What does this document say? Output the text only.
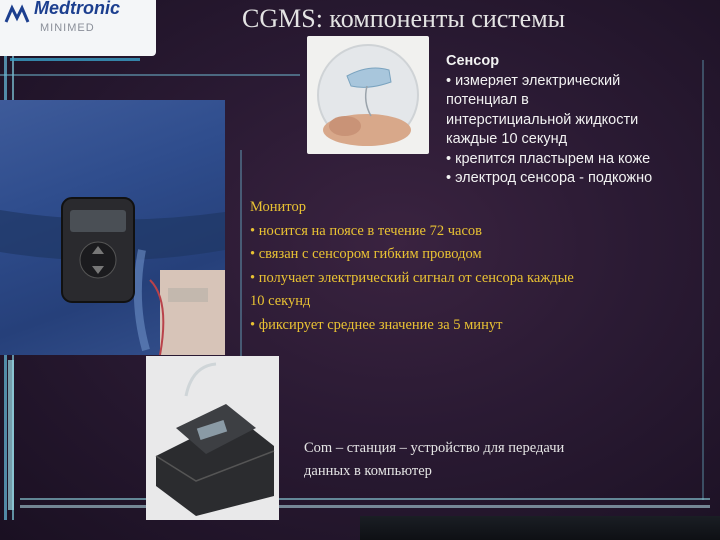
Medtronic
MINIMED	CGMS: компоненты системы
Сенсор
• измеряет электрический
потенциал в
интерстициальной жидкости
каждые 10 секунд
• крепится пластырем на коже
• электрод сенсора - подкожно
Монитор
• носится на поясе в течение 72 часов
• связан с сенсором гибким проводом
• получает электрический сигнал от сенсора каждые
10 секунд
• фиксирует среднее значение за 5 минут
Com – станция – устройство для передачи
данных в компьютер
